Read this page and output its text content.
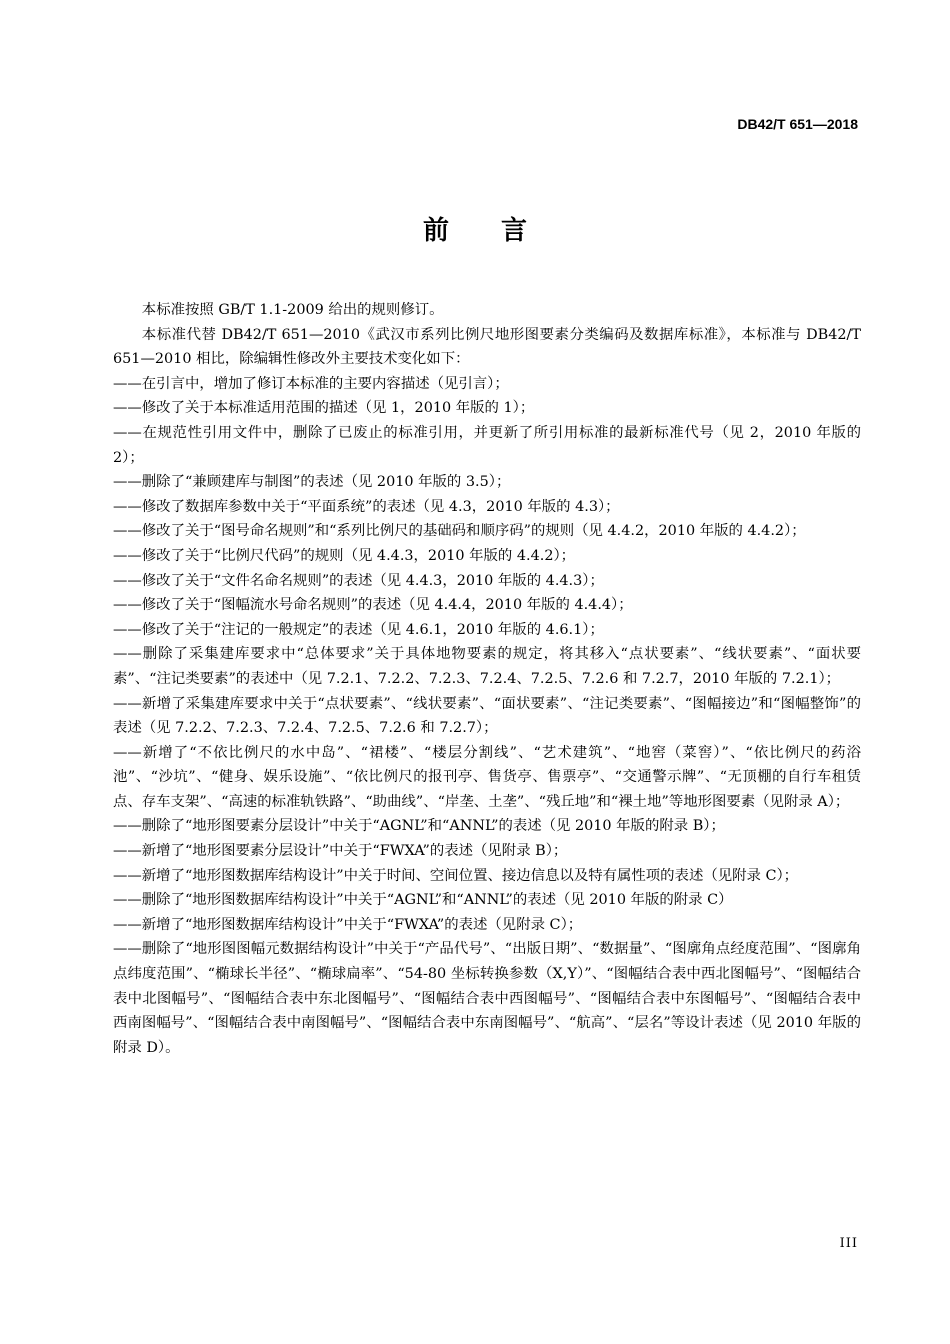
DB42/T 651—2018
前言

本标准按照 GB/T 1.1-2009 给出的规则修订。

本标准代替 DB42/T 651—2010《武汉市系列比例尺地形图要素分类编码及数据库标准》，本标准与 DB42/T 651—2010 相比，除编辑性修改外主要技术变化如下：

——在引言中，增加了修订本标准的主要内容描述（见引言）；

——修改了关于本标准适用范围的描述（见 1，2010 年版的 1）；

——在规范性引用文件中，删除了已废止的标准引用，并更新了所引用标准的最新标准代号（见 2，2010 年版的 2）；

——删除了“兼顾建库与制图”的表述（见 2010 年版的 3.5）；

——修改了数据库参数中关于“平面系统”的表述（见 4.3，2010 年版的 4.3）；

——修改了关于“图号命名规则”和“系列比例尺的基础码和顺序码”的规则（见 4.4.2，2010 年版的 4.4.2）；

——修改了关于“比例尺代码”的规则（见 4.4.3，2010 年版的 4.4.2）；

——修改了关于“文件名命名规则”的表述（见 4.4.3，2010 年版的 4.4.3）；

——修改了关于“图幅流水号命名规则”的表述（见 4.4.4，2010 年版的 4.4.4）；

——修改了关于“注记的一般规定”的表述（见 4.6.1，2010 年版的 4.6.1）；

——删除了采集建库要求中“总体要求”关于具体地物要素的规定，将其移入“点状要素”、“线状要素”、“面状要素”、“注记类要素”的表述中（见 7.2.1、7.2.2、7.2.3、7.2.4、7.2.5、7.2.6 和 7.2.7，2010 年版的 7.2.1）；

——新增了采集建库要求中关于“点状要素”、“线状要素”、“面状要素”、“注记类要素”、“图幅接边”和“图幅整饰”的表述（见 7.2.2、7.2.3、7.2.4、7.2.5、7.2.6 和 7.2.7）；

——新增了“不依比例尺的水中岛”、“裙楼”、“楼层分割线”、“艺术建筑”、“地窖（菜窖）”、“依比例尺的药浴池”、“沙坑”、“健身、娱乐设施”、“依比例尺的报刊亭、售货亭、售票亭”、“交通警示牌”、“无顶棚的自行车租赁点、存车支架”、“高速的标准轨铁路”、“助曲线”、“岸垄、土垄”、“残丘地”和“裸土地”等地形图要素（见附录 A）；

——删除了“地形图要素分层设计”中关于“AGNL”和“ANNL”的表述（见 2010 年版的附录 B）；

——新增了“地形图要素分层设计”中关于“FWXA”的表述（见附录 B）；

——新增了“地形图数据库结构设计”中关于时间、空间位置、接边信息以及特有属性项的表述（见附录 C）；

——删除了“地形图数据库结构设计”中关于“AGNL”和“ANNL”的表述（见 2010 年版的附录 C）

——新增了“地形图数据库结构设计”中关于“FWXA”的表述（见附录 C）；

——删除了“地形图图幅元数据结构设计”中关于“产品代号”、“出版日期”、“数据量”、“图廓角点经度范围”、“图廓角点纬度范围”、“椭球长半径”、“椭球扁率”、“54-80 坐标转换参数（X,Y）”、“图幅结合表中西北图幅号”、“图幅结合表中北图幅号”、“图幅结合表中东北图幅号”、“图幅结合表中西图幅号”、“图幅结合表中东图幅号”、“图幅结合表中西南图幅号”、“图幅结合表中南图幅号”、“图幅结合表中东南图幅号”、“航高”、“层名”等设计表述（见 2010 年版的附录 D）。

III
